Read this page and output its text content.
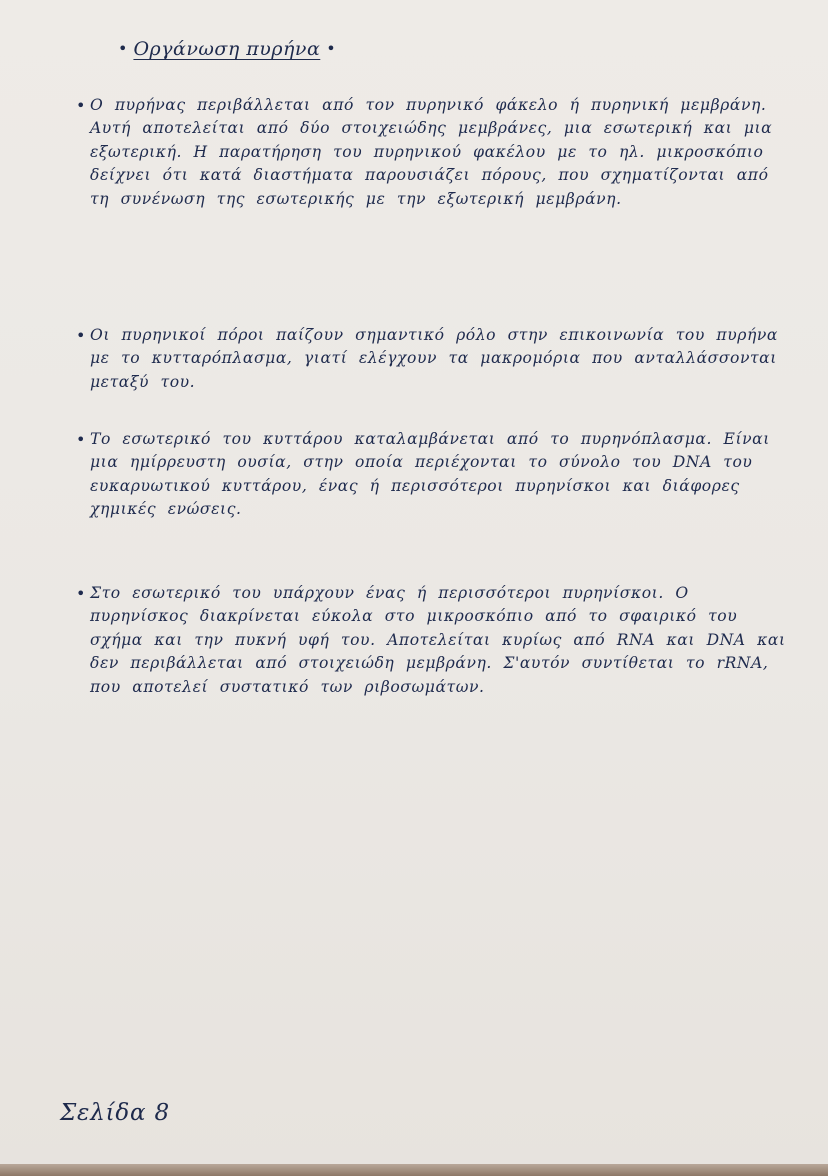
• Οργάνωση πυρήνα •
• Ο πυρήνας περιβάλλεται από τον πυρηνικό φάκελο ή πυρηνική μεμβράνη. Αυτή αποτελείται από δύο στοιχειώδης μεμβράνες, μια εσωτερική και μια εξωτερική. Η παρατήρηση του πυρηνικού φακέλου με το ηλ. μικροσκόπιο δείχνει ότι κατά διαστήματα παρουσιάζει πόρους, που σχηματίζονται από τη συνένωση της εσωτερικής με την εξωτερική μεμβράνη.
• Οι πυρηνικοί πόροι παίζουν σημαντικό ρόλο στην επικοινωνία του πυρήνα με το κυτταρόπλασμα, γιατί ελέγχουν τα μακρομόρια που ανταλλάσσονται μεταξύ του.
• Το εσωτερικό του κυττάρου καταλαμβάνεται από το πυρηνόπλασμα. Είναι μια ημίρρευστη ουσία, στην οποία περιέχονται το σύνολο του DNA του ευκαρυωτικού κυττάρου, ένας ή περισσότεροι πυρηνίσκοι και διάφορες χημικές ενώσεις.
• Στο εσωτερικό του υπάρχουν ένας ή περισσότεροι πυρηνίσκοι. Ο πυρηνίσκος διακρίνεται εύκολα στο μικροσκόπιο από το σφαιρικό του σχήμα και την πυκνή υφή του. Αποτελείται κυρίως από RNA και DNA και δεν περιβάλλεται από στοιχειώδη μεμβράνη. Σ'αυτόν συντίθεται το rRNA, που αποτελεί συστατικό των ριβοσωμάτων.
Σελίδα 8
